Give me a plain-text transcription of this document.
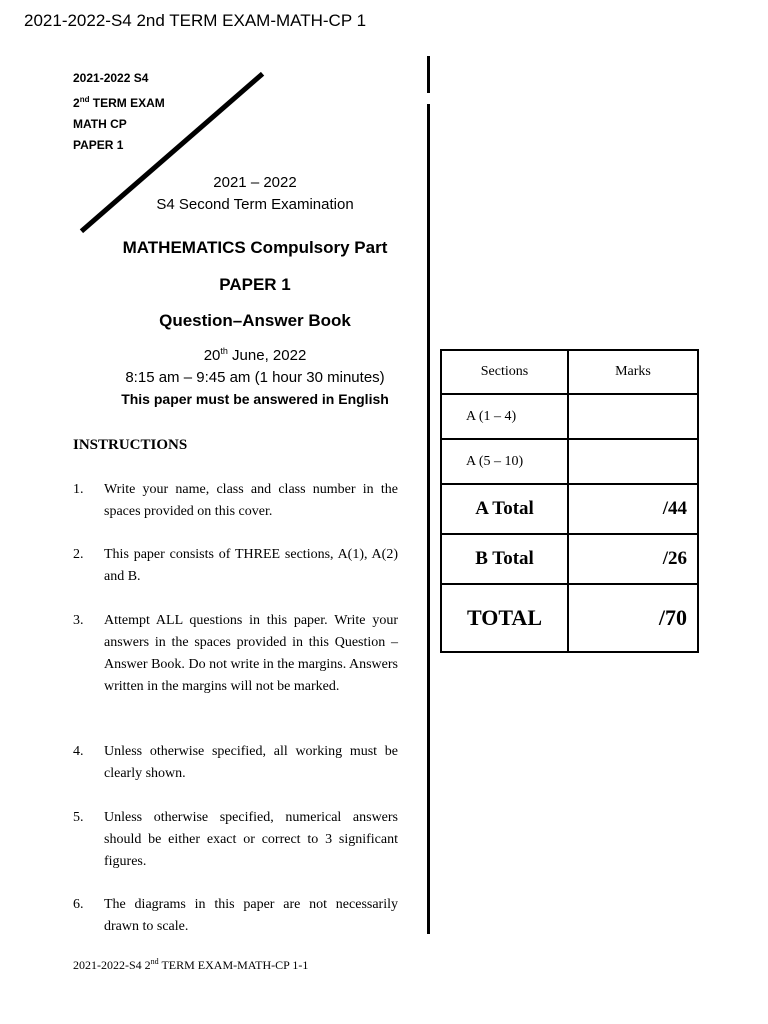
2021-2022-S4 2nd TERM EXAM-MATH-CP 1
2021-2022 S4
2nd TERM EXAM
MATH CP
PAPER 1
2021 – 2022
S4 Second Term Examination
MATHEMATICS Compulsory Part
PAPER 1
Question–Answer Book
20th June, 2022
8:15 am – 9:45 am (1 hour 30 minutes)
This paper must be answered in English
INSTRUCTIONS
1. Write your name, class and class number in the spaces provided on this cover.
2. This paper consists of THREE sections, A(1), A(2) and B.
3. Attempt ALL questions in this paper. Write your answers in the spaces provided in this Question – Answer Book. Do not write in the margins. Answers written in the margins will not be marked.
4. Unless otherwise specified, all working must be clearly shown.
5. Unless otherwise specified, numerical answers should be either exact or correct to 3 significant figures.
6. The diagrams in this paper are not necessarily drawn to scale.
Sections	Marks
A (1 – 4)	
A (5 – 10)	
A Total	/44
B Total	/26
TOTAL	/70
2021-2022-S4 2nd TERM EXAM-MATH-CP 1-1
